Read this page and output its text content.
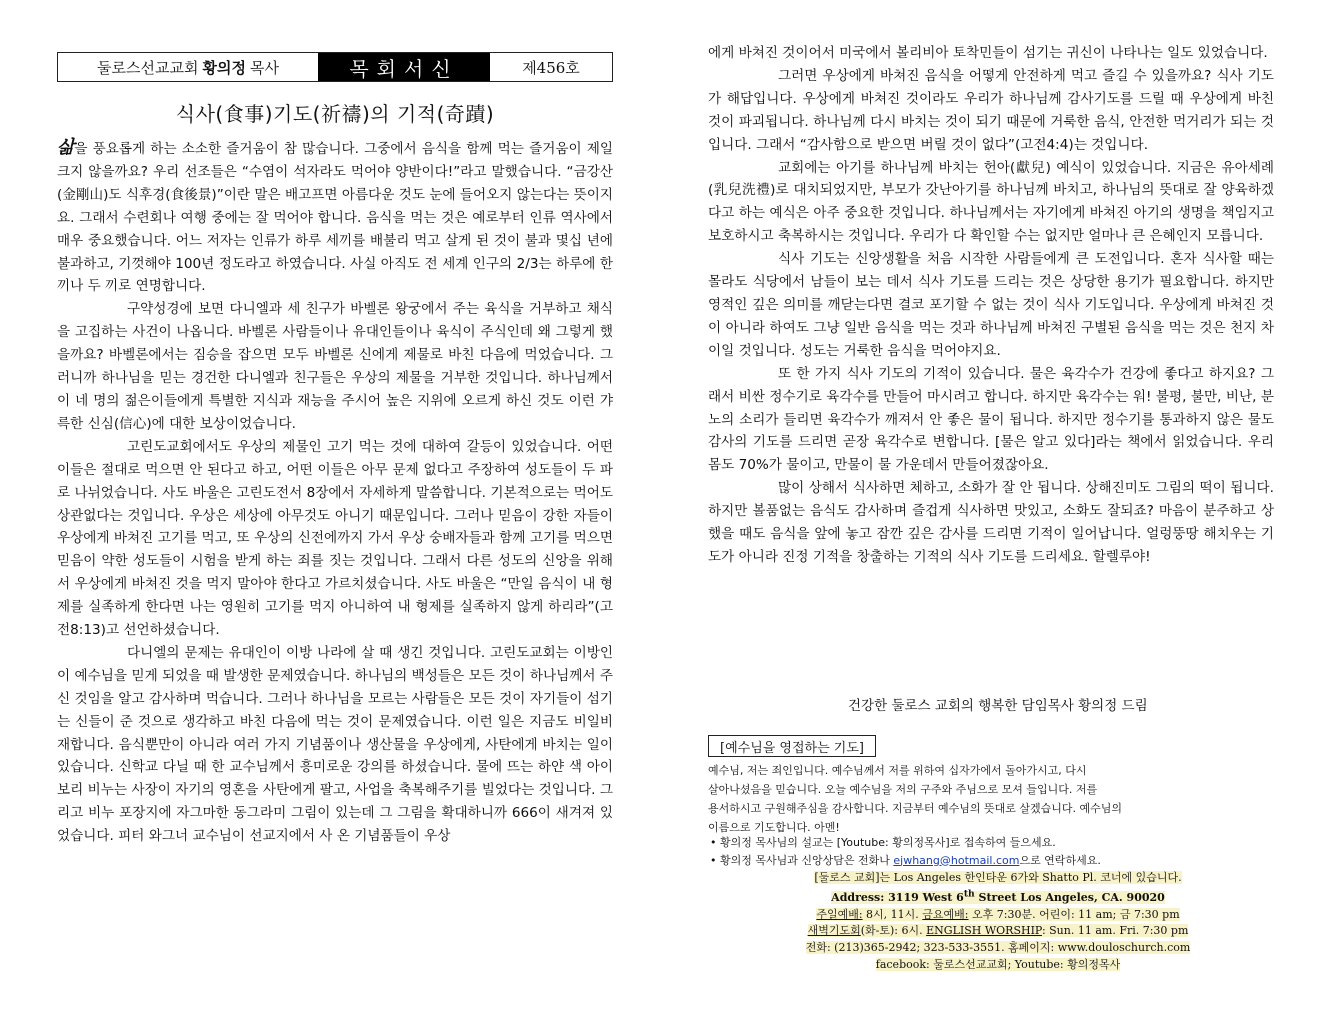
둘로스선교교회 황의정 목사	목회서신	제456호
식사(食事)기도(祈禱)의 기적(奇蹟)

삶을 풍요롭게 하는 소소한 즐거움이 참 많습니다. 그중에서 음식을 함께 먹는 즐거움이 제일 크지 않을까요? 우리 선조들은 “수염이 석자라도 먹어야 양반이다!”라고 말했습니다. “금강산(金剛山)도 식후경(食後景)”이란 말은 배고프면 아름다운 것도 눈에 들어오지 않는다는 뜻이지요. 그래서 수련회나 여행 중에는 잘 먹어야 합니다. 음식을 먹는 것은 예로부터 인류 역사에서 매우 중요했습니다. 어느 저자는 인류가 하루 세끼를 배불리 먹고 살게 된 것이 불과 몇십 년에 불과하고, 기껏해야 100년 정도라고 하였습니다. 사실 아직도 전 세계 인구의 2/3는 하루에 한 끼나 두 끼로 연명합니다.

구약성경에 보면 다니엘과 세 친구가 바벨론 왕궁에서 주는 육식을 거부하고 채식을 고집하는 사건이 나옵니다. 바벨론 사람들이나 유대인들이나 육식이 주식인데 왜 그렇게 했을까요? 바벨론에서는 짐승을 잡으면 모두 바벨론 신에게 제물로 바친 다음에 먹었습니다. 그러니까 하나님을 믿는 경건한 다니엘과 친구들은 우상의 제물을 거부한 것입니다. 하나님께서 이 네 명의 젊은이들에게 특별한 지식과 재능을 주시어 높은 지위에 오르게 하신 것도 이런 갸륵한 신심(信心)에 대한 보상이었습니다.

고린도교회에서도 우상의 제물인 고기 먹는 것에 대하여 갈등이 있었습니다. 어떤 이들은 절대로 먹으면 안 된다고 하고, 어떤 이들은 아무 문제 없다고 주장하여 성도들이 두 파로 나뉘었습니다. 사도 바울은 고린도전서 8장에서 자세하게 말씀합니다. 기본적으로는 먹어도 상관없다는 것입니다. 우상은 세상에 아무것도 아니기 때문입니다. 그러나 믿음이 강한 자들이 우상에게 바쳐진 고기를 먹고, 또 우상의 신전에까지 가서 우상 숭배자들과 함께 고기를 먹으면 믿음이 약한 성도들이 시험을 받게 하는 죄를 짓는 것입니다. 그래서 다른 성도의 신앙을 위해서 우상에게 바쳐진 것을 먹지 말아야 한다고 가르치셨습니다. 사도 바울은 “만일 음식이 내 형제를 실족하게 한다면 나는 영원히 고기를 먹지 아니하여 내 형제를 실족하지 않게 하리라”(고전8:13)고 선언하셨습니다.

다니엘의 문제는 유대인이 이방 나라에 살 때 생긴 것입니다. 고린도교회는 이방인이 예수님을 믿게 되었을 때 발생한 문제였습니다. 하나님의 백성들은 모든 것이 하나님께서 주신 것임을 알고 감사하며 먹습니다. 그러나 하나님을 모르는 사람들은 모든 것이 자기들이 섬기는 신들이 준 것으로 생각하고 바친 다음에 먹는 것이 문제였습니다. 이런 일은 지금도 비일비재합니다. 음식뿐만이 아니라 여러 가지 기념품이나 생산물을 우상에게, 사탄에게 바치는 일이 있습니다. 신학교 다닐 때 한 교수님께서 흥미로운 강의를 하셨습니다. 물에 뜨는 하얀 색 아이보리 비누는 사장이 자기의 영혼을 사탄에게 팔고, 사업을 축복해주기를 빌었다는 것입니다. 그리고 비누 포장지에 자그마한 동그라미 그림이 있는데 그 그림을 확대하니까 666이 새겨져 있었습니다. 피터 와그너 교수님이 선교지에서 사 온 기념품들이 우상

에게 바쳐진 것이어서 미국에서 볼리비아 토착민들이 섬기는 귀신이 나타나는 일도 있었습니다.

그러면 우상에게 바쳐진 음식을 어떻게 안전하게 먹고 즐길 수 있을까요? 식사 기도가 해답입니다. 우상에게 바쳐진 것이라도 우리가 하나님께 감사기도를 드릴 때 우상에게 바친 것이 파괴됩니다. 하나님께 다시 바치는 것이 되기 때문에 거룩한 음식, 안전한 먹거리가 되는 것입니다. 그래서 “감사함으로 받으면 버릴 것이 없다”(고전4:4)는 것입니다.

교회에는 아기를 하나님께 바치는 헌아(獻兒) 예식이 있었습니다. 지금은 유아세례(乳兒洗禮)로 대치되었지만, 부모가 갓난아기를 하나님께 바치고, 하나님의 뜻대로 잘 양육하겠다고 하는 예식은 아주 중요한 것입니다. 하나님께서는 자기에게 바쳐진 아기의 생명을 책임지고 보호하시고 축복하시는 것입니다. 우리가 다 확인할 수는 없지만 얼마나 큰 은혜인지 모릅니다.

식사 기도는 신앙생활을 처음 시작한 사람들에게 큰 도전입니다. 혼자 식사할 때는 몰라도 식당에서 남들이 보는 데서 식사 기도를 드리는 것은 상당한 용기가 필요합니다. 하지만 영적인 깊은 의미를 깨닫는다면 결코 포기할 수 없는 것이 식사 기도입니다. 우상에게 바쳐진 것이 아니라 하여도 그냥 일반 음식을 먹는 것과 하나님께 바쳐진 구별된 음식을 먹는 것은 천지 차이일 것입니다. 성도는 거룩한 음식을 먹어야지요.

또 한 가지 식사 기도의 기적이 있습니다. 물은 육각수가 건강에 좋다고 하지요? 그래서 비싼 정수기로 육각수를 만들어 마시려고 합니다. 하지만 육각수는 워! 불평, 불만, 비난, 분노의 소리가 들리면 육각수가 깨져서 안 좋은 물이 됩니다. 하지만 정수기를 통과하지 않은 물도 감사의 기도를 드리면 곧장 육각수로 변합니다. [물은 알고 있다]라는 책에서 읽었습니다. 우리 몸도 70%가 물이고, 만물이 물 가운데서 만들어졌잖아요.

많이 상해서 식사하면 체하고, 소화가 잘 안 됩니다. 상해진미도 그림의 떡이 됩니다. 하지만 볼품없는 음식도 감사하며 즐겁게 식사하면 맛있고, 소화도 잘되죠? 마음이 분주하고 상했을 때도 음식을 앞에 놓고 잠깐 깊은 감사를 드리면 기적이 일어납니다. 얼렁뚱땅 해치우는 기도가 아니라 진정 기적을 창출하는 기적의 식사 기도를 드리세요. 할렐루야!

건강한 둘로스 교회의 행복한 담임목사 황의정 드림
[예수님을 영접하는 기도]
예수님, 저는 죄인입니다. 예수님께서 저를 위하여 십자가에서 돌아가시고, 다시
살아나셨음을 믿습니다. 오늘 예수님을 저의 구주와 주님으로 모셔 들입니다. 저를
용서하시고 구원해주심을 감사합니다. 지금부터 예수님의 뜻대로 살겠습니다. 예수님의
이름으로 기도합니다. 아멘!
• 황의정 목사님의 설교는 [Youtube: 황의정목사]로 접속하여 들으세요.
• 황의정 목사님과 신앙상담은 전화나 ejwhang@hotmail.com으로 연락하세요.
[둘로스 교회]는 Los Angeles 한인타운 6가와 Shatto Pl. 코너에 있습니다.
Address: 3119 West 6th Street Los Angeles, CA. 90020
주일예배: 8시, 11시. 금요예배: 오후 7:30분. 어린이: 11 am; 금 7:30 pm
새벽기도회(화-토): 6시. ENGLISH WORSHIP: Sun. 11 am. Fri. 7:30 pm
전화: (213)365-2942; 323-533-3551. 홈페이지: www.douloschurch.com
facebook: 둘로스선교교회; Youtube: 황의정목사
